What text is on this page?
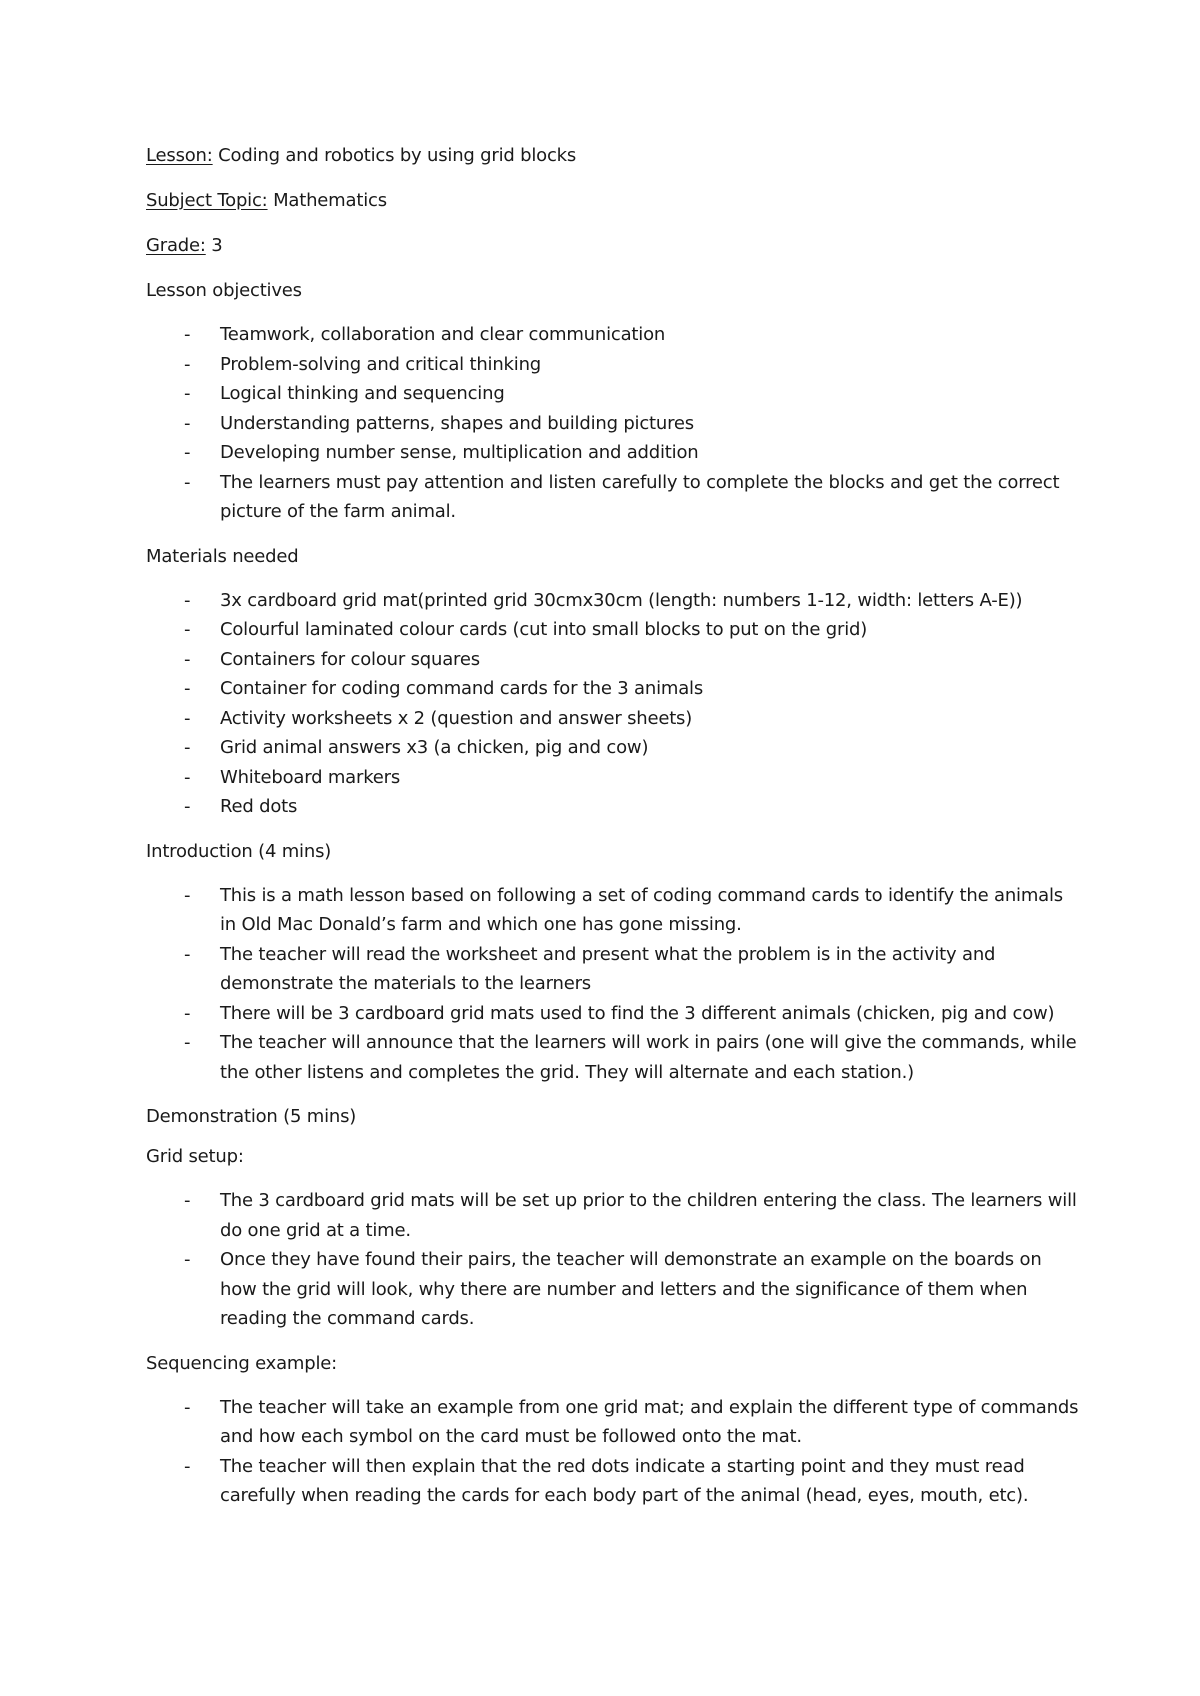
Lesson: Coding and robotics by using grid blocks

Subject Topic: Mathematics

Grade: 3

Lesson objectives

- Teamwork, collaboration and clear communication
- Problem-solving and critical thinking
- Logical thinking and sequencing
- Understanding patterns, shapes and building pictures
- Developing number sense, multiplication and addition
- The learners must pay attention and listen carefully to complete the blocks and get the correct picture of the farm animal.

Materials needed

- 3x cardboard grid mat(printed grid 30cmx30cm (length: numbers 1-12, width: letters A-E))
- Colourful laminated colour cards (cut into small blocks to put on the grid)
- Containers for colour squares
- Container for coding command cards for the 3 animals
- Activity worksheets x 2 (question and answer sheets)
- Grid animal answers x3 (a chicken, pig and cow)
- Whiteboard markers
- Red dots

Introduction (4 mins)

- This is a math lesson based on following a set of coding command cards to identify the animals in Old Mac Donald’s farm and which one has gone missing.
- The teacher will read the worksheet and present what the problem is in the activity and demonstrate the materials to the learners
- There will be 3 cardboard grid mats used to find the 3 different animals (chicken, pig and cow)
- The teacher will announce that the learners will work in pairs (one will give the commands, while the other listens and completes the grid. They will alternate and each station.)

Demonstration (5 mins)

Grid setup:

- The 3 cardboard grid mats will be set up prior to the children entering the class. The learners will do one grid at a time.
- Once they have found their pairs, the teacher will demonstrate an example on the boards on how the grid will look, why there are number and letters and the significance of them when reading the command cards.

Sequencing example:

- The teacher will take an example from one grid mat; and explain the different type of commands and how each symbol on the card must be followed onto the mat.
- The teacher will then explain that the red dots indicate a starting point and they must read carefully when reading the cards for each body part of the animal (head, eyes, mouth, etc).
